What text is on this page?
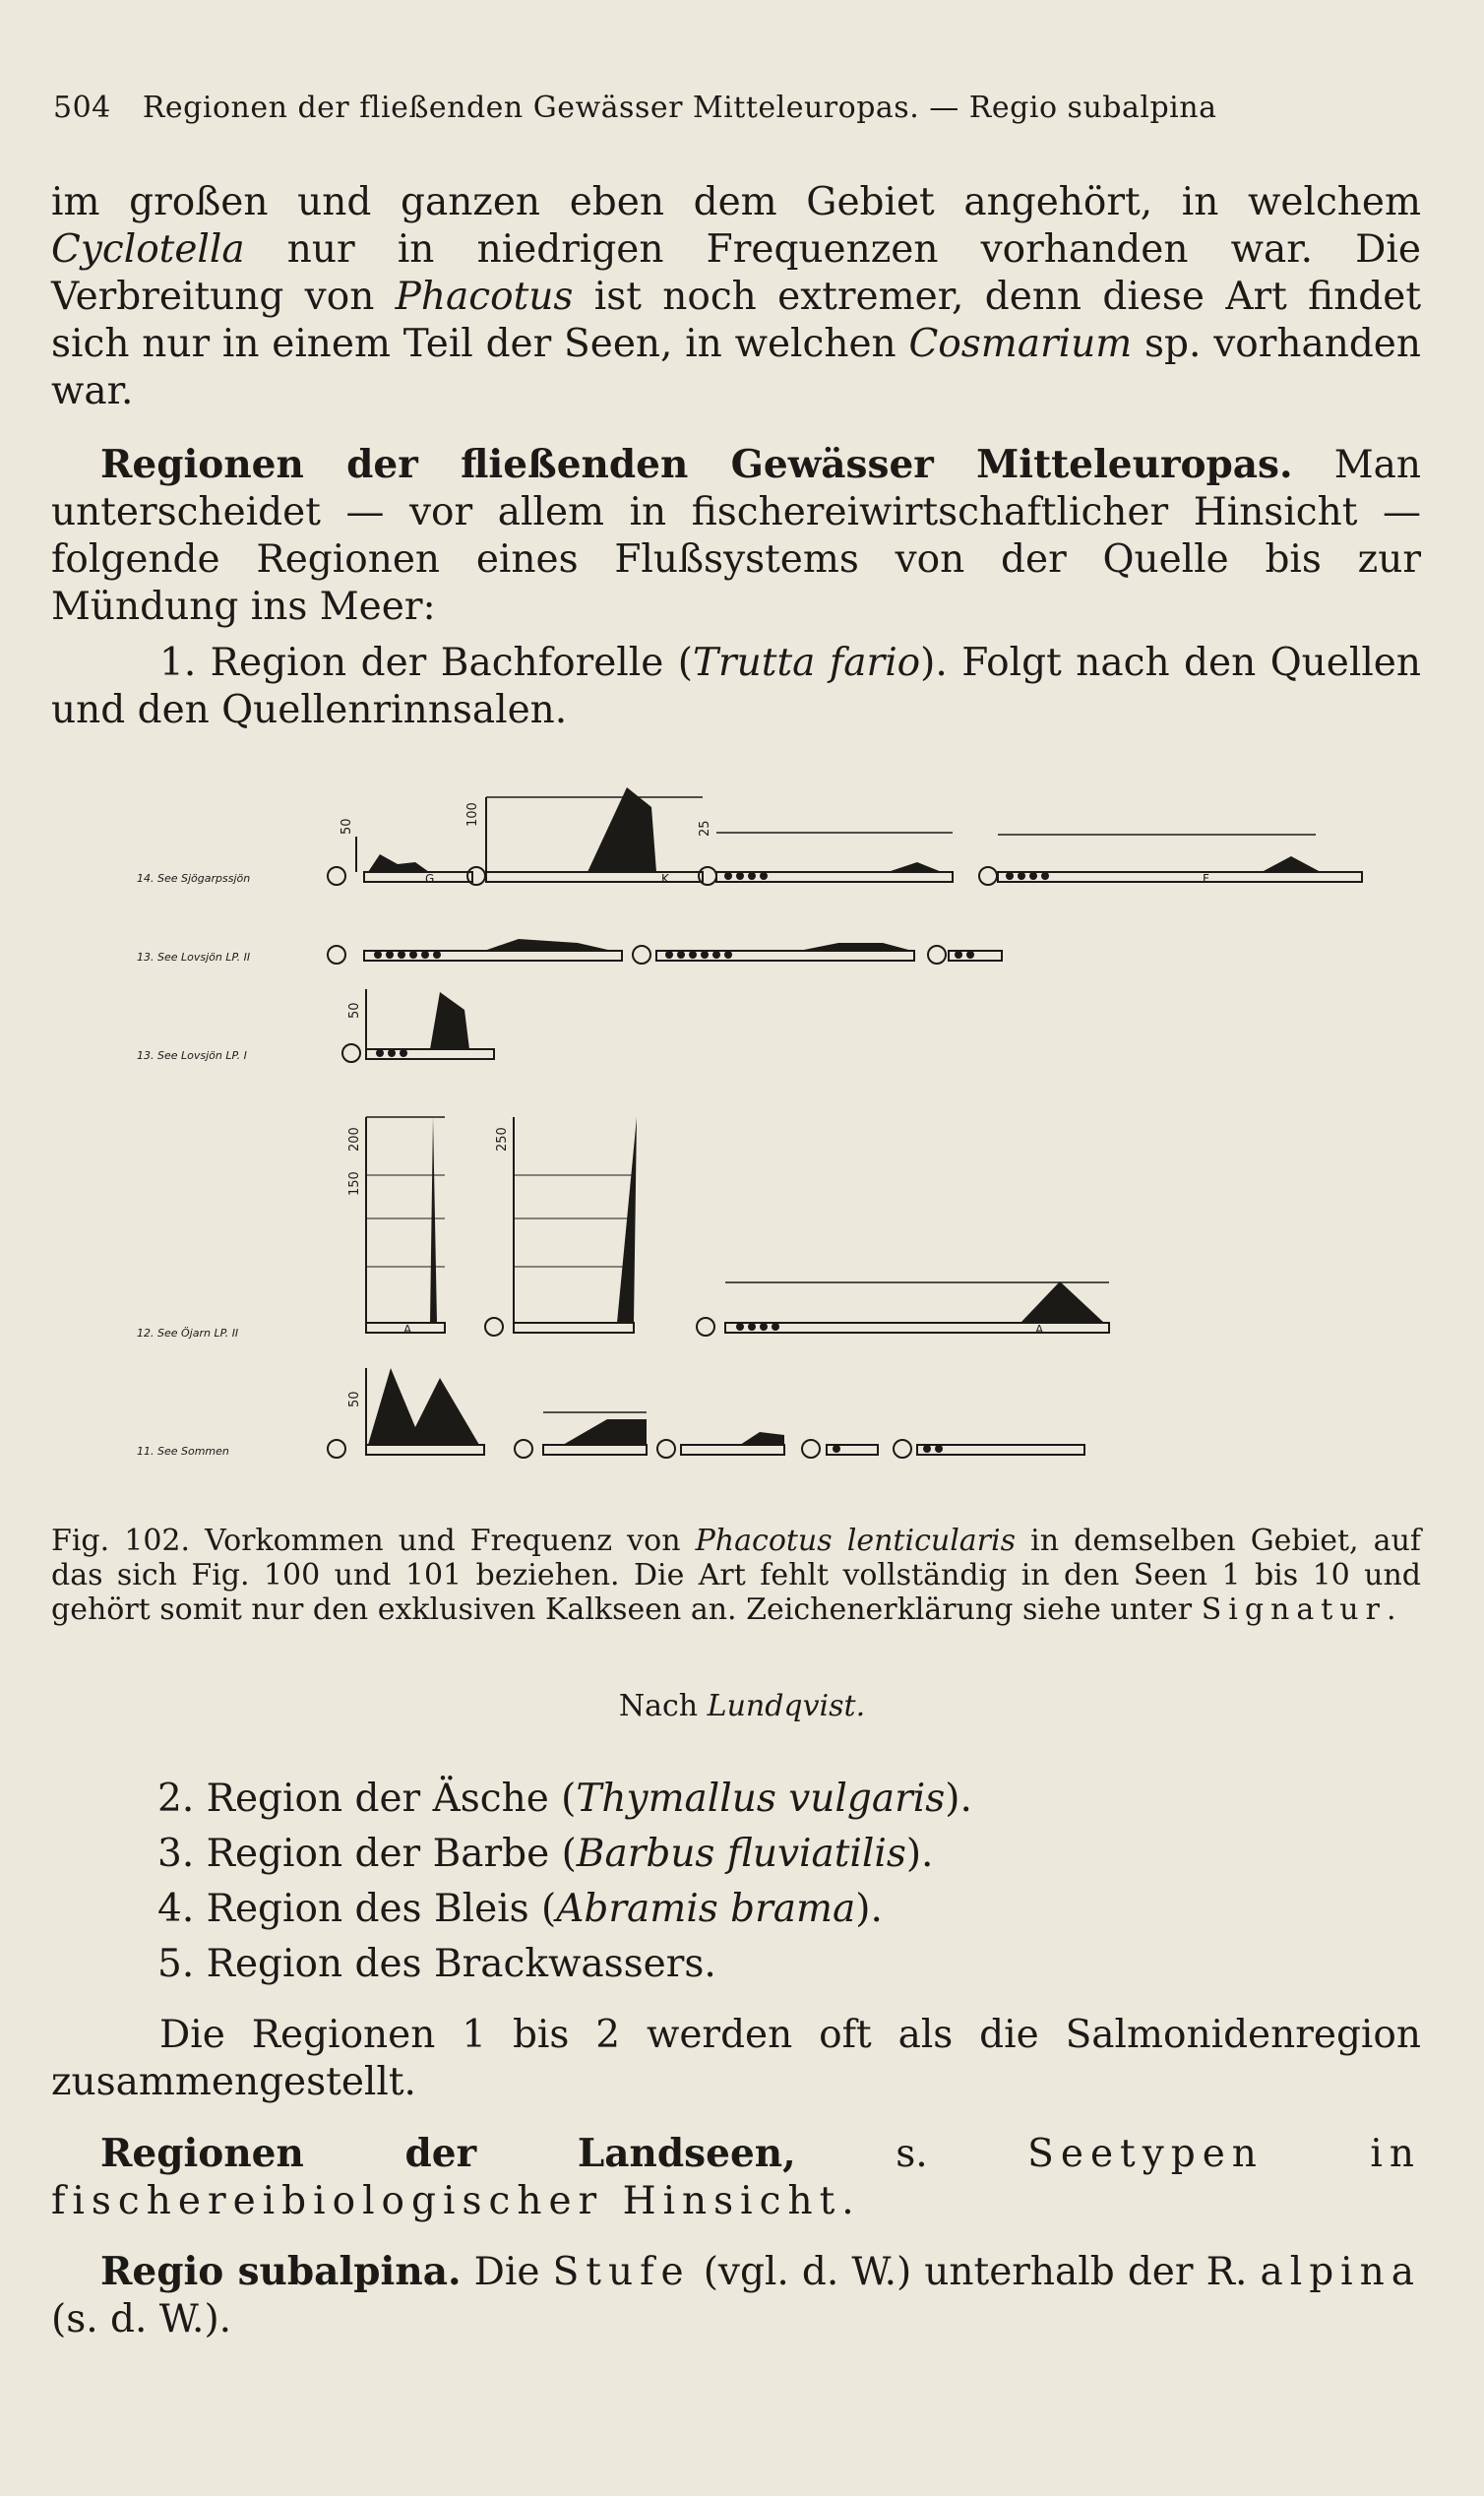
504 Regionen der fließenden Gewässer Mitteleuropas. — Regio subalpina
im großen und ganzen eben dem Gebiet angehört, in welchem Cyclotella nur in niedrigen Frequenzen vorhanden war. Die Verbreitung von Phacotus ist noch extremer, denn diese Art findet sich nur in einem Teil der Seen, in welchen Cosmarium sp. vorhanden war.
Regionen der fließenden Gewässer Mitteleuropas. Man unterscheidet — vor allem in fischereiwirtschaftlicher Hinsicht — folgende Regionen eines Flußsystems von der Quelle bis zur Mündung ins Meer:
1. Region der Bachforelle (Trutta fario). Folgt nach den Quellen und den Quellenrinnsalen.
14. See Sjögarpssjön
50	100
25
13. See Lovsjön LP. II
13. See Lovsjön LP. I
50
12. See Öjarn LP. II
150
200	250
11. See Sommen
50
G	K	F
A	A
Fig. 102. Vorkommen und Frequenz von Phacotus lenticularis in demselben Gebiet, auf das sich Fig. 100 und 101 beziehen. Die Art fehlt vollständig in den Seen 1 bis 10 und gehört somit nur den exklusiven Kalkseen an. Zeichenerklärung siehe unter Signatur.
Nach Lundqvist.
2. Region der Äsche (Thymallus vulgaris).
3. Region der Barbe (Barbus fluviatilis).
4. Region des Bleis (Abramis brama).
5. Region des Brackwassers.
Die Regionen 1 bis 2 werden oft als die Salmonidenregion zusammengestellt.
Regionen der Landseen, s. Seetypen in fischereibiologischer Hinsicht.
Regio subalpina. Die Stufe (vgl. d. W.) unterhalb der R. alpina (s. d. W.).
